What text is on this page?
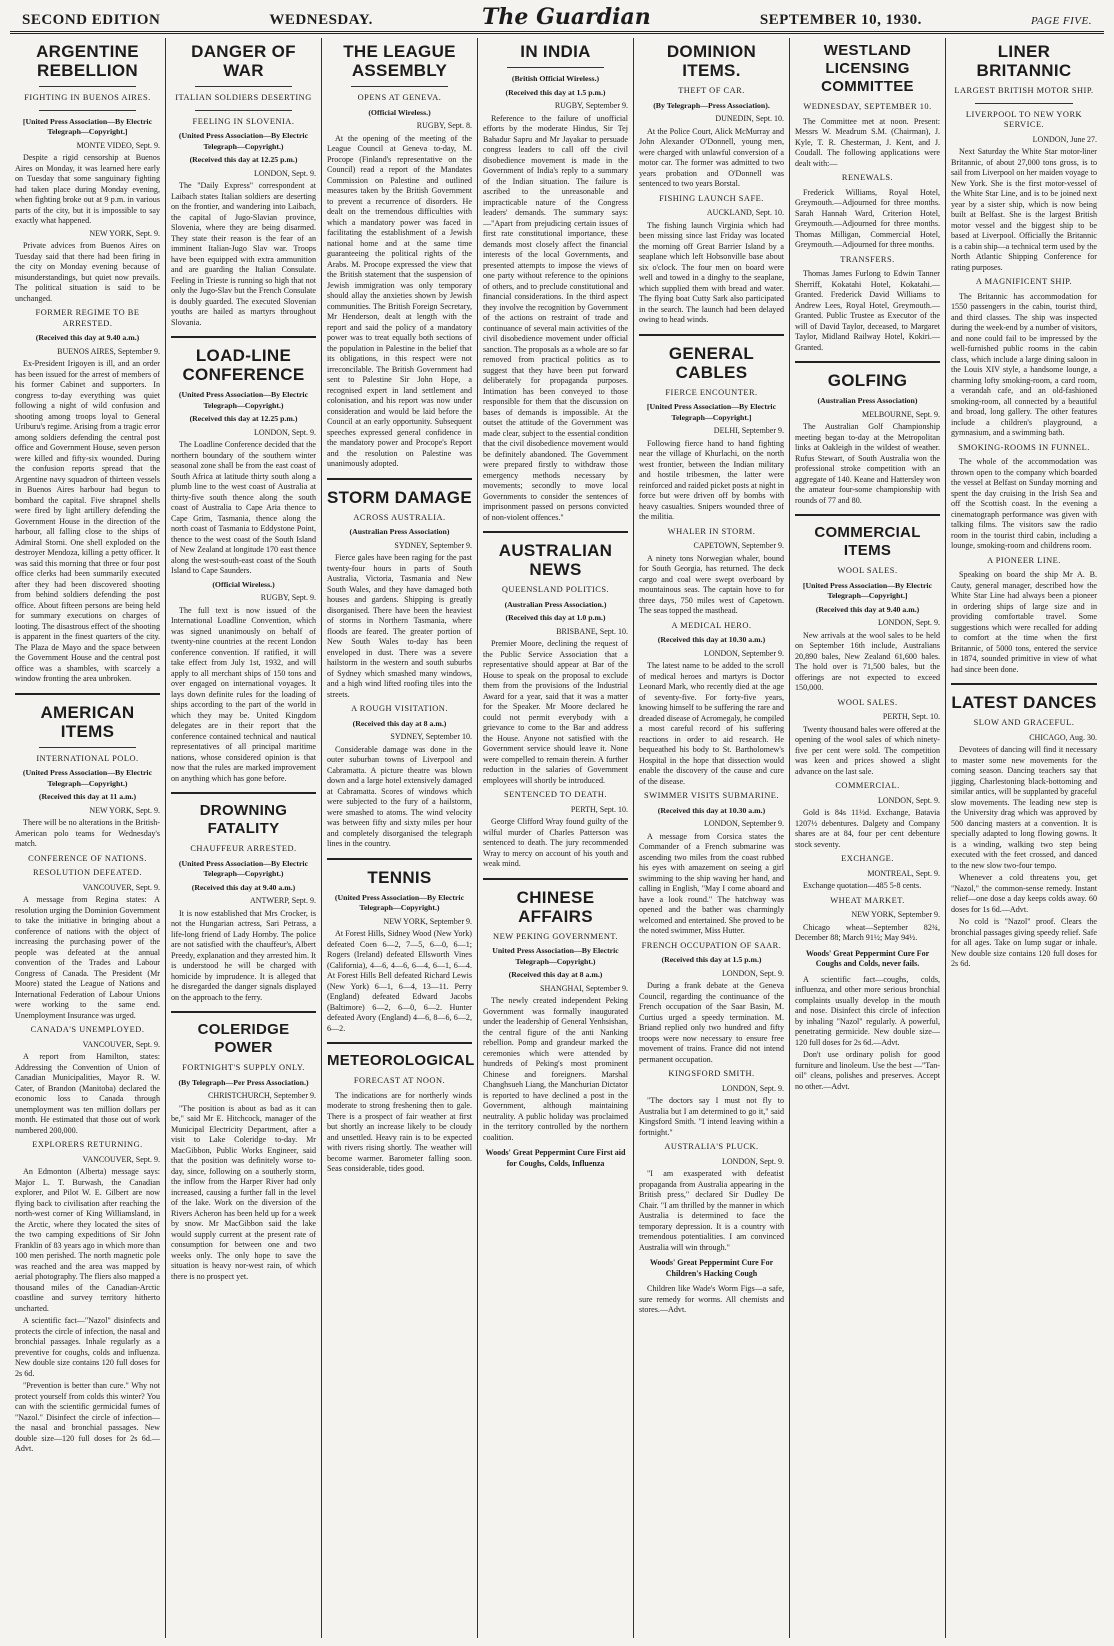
SECOND EDITION	WEDNESDAY.	The Guardian	SEPTEMBER 10, 1930.	PAGE FIVE.
ARGENTINE REBELLION
FIGHTING IN BUENOS AIRES.
[United Press Association—By Electric Telegraph—Copyright.]
MONTE VIDEO, Sept. 9.

Despite a rigid censorship at Buenos Aires on Monday, it was learned here early on Tuesday that some sanguinary fighting had taken place during Monday evening, when fighting broke out at 9 p.m. in various parts of the city, but it is impossible to say exactly what happened.

NEW YORK, Sept. 9.

Private advices from Buenos Aires on Tuesday said that there had been firing in the city on Monday evening because of misunderstandings, but quiet now prevails. The political situation is said to be unchanged.

FORMER REGIME TO BE ARRESTED.
(Received this day at 9.40 a.m.)
BUENOS AIRES, September 9.

Ex-President Irigoyen is ill, and an order has been issued for the arrest of members of his former Cabinet and supporters. In congress to-day everything was quiet following a night of wild confusion and shooting among troops loyal to General Uriburu's regime. Arising from a tragic error among soldiers defending the central post office and Government House, seven person were killed and fifty-six wounded. During the confusion reports spread that the Argentine navy squadron of thirteen vessels in Buenos Aires harbour had begun to bombard the capital. Five shrapnel shells were fired by light artillery defending the Government House in the direction of the harbour, all falling close to the ships of Admiral Storni. One shell exploded on the destroyer Mendoza, killing a petty officer. It was said this morning that three or four post office clerks had been summarily executed after they had been discovered shooting from behind soldiers defending the post office. About fifteen persons are being held for summary executions on charges of looting. The disastrous effect of the shooting is apparent in the finest quarters of the city. The Plaza de Mayo and the space between the Government House and the central post office was a shambles, with scarcely a window fronting the area unbroken.

AMERICAN ITEMS
INTERNATIONAL POLO.
(United Press Association—By Electric Telegraph—Copyright.)
(Received this day at 11 a.m.)
NEW YORK, Sept. 9.

There will be no alterations in the British-American polo teams for Wednesday's match.

CONFERENCE OF NATIONS.
RESOLUTION DEFEATED.
VANCOUVER, Sept. 9.

A message from Regina states: A resolution urging the Dominion Government to take the initiative in bringing about a conference of nations with the object of increasing the purchasing power of the people was defeated at the annual convention of the Trades and Labour Congress of Canada. The President (Mr Moore) stated the League of Nations and International Federation of Labour Unions were working to the same end. Unemployment Insurance was urged.

CANADA'S UNEMPLOYED.
VANCOUVER, Sept. 9.

A report from Hamilton, states: Addressing the Convention of Union of Canadian Municipalities, Mayor R. W. Cater, of Brandon (Manitoba) declared the economic loss to Canada through unemployment was ten million dollars per month. He estimated that those out of work numbered 200,000.

EXPLORERS RETURNING.
VANCOUVER, Sept. 9.

An Edmonton (Alberta) message says: Major L. T. Burwash, the Canadian explorer, and Pilot W. E. Gilbert are now flying back to civilisation after reaching the north-west corner of King Williamsland, in the Arctic, where they located the sites of the two camping expeditions of Sir John Franklin of 83 years ago in which more than 100 men perished. The north magnetic pole was reached and the area was mapped by aerial photography. The fliers also mapped a thousand miles of the Canadian-Arctic coastline and survey territory hitherto uncharted.

A scientific fact—"Nazol" disinfects and protects the circle of infection, the nasal and bronchial passages. Inhale regularly as a preventive for coughs, colds and influenza. New double size contains 120 full doses for 2s 6d.

"Prevention is better than cure." Why not protect yourself from colds this winter? You can with the scientific germicidal fumes of "Nazol." Disinfect the circle of infection—the nasal and bronchial passages. New double size—120 full doses for 2s 6d.—Advt.

DANGER OF WAR
ITALIAN SOLDIERS DESERTING
FEELING IN SLOVENIA.
(United Press Association—By Electric Telegraph—Copyright.)
(Received this day at 12.25 p.m.)
LONDON, Sept. 9.

The "Daily Express" correspondent at Laibach states Italian soldiers are deserting on the frontier, and wandering into Laibach, the capital of Jugo-Slavian province, Slovenia, where they are being disarmed. They state their reason is the fear of an imminent Italian-Jugo Slav war. Troops have been equipped with extra ammunition and are guarding the Italian Consulate. Feeling in Trieste is running so high that not only the Jugo-Slav but the French Consulate is doubly guarded. The executed Slovenian youths are hailed as martyrs throughout Slovania.

LOAD-LINE CONFERENCE
(United Press Association—By Electric Telegraph—Copyright.)
(Received this day at 12.25 p.m.)
LONDON, Sept. 9.

The Loadline Conference decided that the northern boundary of the southern winter seasonal zone shall be from the east coast of South Africa at latitude thirty south along a plumb line to the west coast of Australia at thirty-five south thence along the south coast of Australia to Cape Aria thence to Cape Grim, Tasmania, thence along the north coast of Tasmania to Eddystone Point, thence to the west coast of the South Island of New Zealand at longitude 170 east thence along the west-south-east coast of the South Island to Cape Saunders.

(Official Wireless.)
RUGBY, Sept. 9.

The full text is now issued of the International Loadline Convention, which was signed unanimously on behalf of twenty-nine countries at the recent London conference convention. If ratified, it will take effect from July 1st, 1932, and will apply to all merchant ships of 150 tons and over engaged on international voyages. It lays down definite rules for the loading of ships according to the part of the world in which they may be. United Kingdom delegates are in their report that the conference contained technical and nautical representatives of all principal maritime nations, whose considered opinion is that now that the rules are marked improvement on anything which has gone before.

DROWNING FATALITY
CHAUFFEUR ARRESTED.
(United Press Association—By Electric Telegraph—Copyright.)
(Received this day at 9.40 a.m.)
ANTWERP, Sept. 9.

It is now established that Mrs Crocker, is not the Hungarian actress, Sari Petrass, a life-long friend of Lady Hornby. The police are not satisfied with the chauffeur's, Albert Preedy, explanation and they arrested him. It is understood he will be charged with homicide by imprudence. It is alleged that he disregarded the danger signals displayed on the approach to the ferry.

COLERIDGE POWER
FORTNIGHT'S SUPPLY ONLY.
(By Telegraph—Per Press Association.)
CHRISTCHURCH, September 9.

"The position is about as bad as it can be," said Mr E. Hitchcock, manager of the Municipal Electricity Department, after a visit to Lake Coleridge to-day. Mr MacGibbon, Public Works Engineer, said that the position was definitely worse to-day, since, following on a southerly storm, the inflow from the Harper River had only increased, causing a further fall in the level of the lake. Work on the diversion of the Rivers Acheron has been held up for a week by snow. Mr MacGibbon said the lake would supply current at the present rate of consumption for between one and two weeks only. The only hope to save the situation is heavy nor-west rain, of which there is no prospect yet.

THE LEAGUE ASSEMBLY
OPENS AT GENEVA.
(Official Wireless.)
RUGBY, Sept. 8.

At the opening of the meeting of the League Council at Geneva to-day, M. Procope (Finland's representative on the Council) read a report of the Mandates Commission on Palestine and outlined measures taken by the British Government to prevent a recurrence of disorders. He dealt on the tremendous difficulties with which a mandatory power was faced in facilitating the establishment of a Jewish national home and at the same time guaranteeing the political rights of the Arabs. M. Procope expressed the view that the British statement that the suspension of Jewish immigration was only temporary should allay the anxieties shown by Jewish communities. The British Foreign Secretary, Mr Henderson, dealt at length with the report and said the policy of a mandatory power was to treat equally both sections of the population in Palestine in the belief that its obligations, in this respect were not irreconcilable. The British Government had sent to Palestine Sir John Hope, a recognised expert in land settlement and colonisation, and his report was now under consideration and would be laid before the Council at an early opportunity. Subsequent speeches expressed general confidence in the mandatory power and Procope's Report and the resolution on Palestine was unanimously adopted.

STORM DAMAGE
ACROSS AUSTRALIA.
(Australian Press Association)
SYDNEY, September 9.

Fierce gales have been raging for the past twenty-four hours in parts of South Australia, Victoria, Tasmania and New South Wales, and they have damaged both houses and gardens. Shipping is greatly disorganised. There have been the heaviest of storms in Northern Tasmania, where floods are feared. The greater portion of New South Wales to-day has been enveloped in dust. There was a severe hailstorm in the western and south suburbs of Sydney which smashed many windows, and a high wind lifted roofing tiles into the streets.

A ROUGH VISITATION.
(Received this day at 8 a.m.)
SYDNEY, September 10.

Considerable damage was done in the outer suburban towns of Liverpool and Cabramatta. A picture theatre was blown down and a large hotel extensively damaged at Cabramatta. Scores of windows which were subjected to the fury of a hailstorm, were smashed to atoms. The wind velocity was between fifty and sixty miles per hour and completely disorganised the telegraph lines in the country.

TENNIS
(United Press Association—By Electric Telegraph—Copyright.)
NEW YORK, September 9.

At Forest Hills, Sidney Wood (New York) defeated Coen 6—2, 7—5, 6—0, 6—1; Rogers (Ireland) defeated Ellsworth Vines (California), 4—6, 4—6, 6—4, 6—1, 6—4. At Forest Hills Bell defeated Richard Lewis (New York) 6—1, 6—4, 13—11. Perry (England) defeated Edward Jacobs (Baltimore) 6—2, 6—0, 6—2. Hunter defeated Avory (England) 4—6, 8—6, 6—2, 6—2.

METEOROLOGICAL
FORECAST AT NOON.

The indications are for northerly winds moderate to strong freshening then to gale. There is a prospect of fair weather at first but shortly an increase likely to be cloudy and unsettled. Heavy rain is to be expected with rivers rising shortly. The weather will become warmer. Barometer falling soon. Seas considerable, tides good.

IN INDIA
(British Official Wireless.)
(Received this day at 1.5 p.m.)
RUGBY, September 9.

Reference to the failure of unofficial efforts by the moderate Hindus, Sir Tej Bahadur Sapru and Mr Jayakar to persuade congress leaders to call off the civil disobedience movement is made in the Government of India's reply to a summary of the Indian situation. The failure is ascribed to the unreasonable and impracticable nature of the Congress leaders' demands. The summary says:—"Apart from prejudicing certain issues of first rate constitutional importance, these demands most closely affect the financial interests of the local Governments, and presented attempts to impose the views of one party without reference to the opinions of others, and to preclude constitutional and financial considerations. In the third aspect they involve the recognition by Government of the actions on restraint of trade and continuance of several main activities of the civil disobedience movement under official sanction. The proposals as a whole are so far removed from practical politics as to suggest that they have been put forward deliberately for propaganda purposes. Intimation has been conveyed to those responsible for them that the discussion on bases of demands is impossible. At the outset the attitude of the Government was made clear, subject to the essential condition that the civil disobedience movement would be definitely abandoned. The Government were prepared firstly to withdraw those emergency methods necessary by movements; secondly to move local Governments to consider the sentences of imprisonment passed on persons convicted of non-violent offences."

AUSTRALIAN NEWS
QUEENSLAND POLITICS.
(Australian Press Association.)
(Received this day at 1.0 p.m.)
BRISBANE, Sept. 10.

Premier Moore, declining the request of the Public Service Association that a representative should appear at Bar of the House to speak on the proposal to exclude them from the provisions of the Industrial Award for a year, said that it was a matter for the Speaker. Mr Moore declared he could not permit everybody with a grievance to come to the Bar and address the House. Anyone not satisfied with the Government service should leave it. None were compelled to remain therein. A further reduction in the salaries of Government employees will shortly be introduced.

SENTENCED TO DEATH.
PERTH, Sept. 10.

George Clifford Wray found guilty of the wilful murder of Charles Patterson was sentenced to death. The jury recommended Wray to mercy on account of his youth and weak mind.

CHINESE AFFAIRS
NEW PEKING GOVERNMENT.
United Press Association—By Electric Telegraph—Copyright.)
(Received this day at 8 a.m.)
SHANGHAI, September 9.

The newly created independent Peking Government was formally inaugurated under the leadership of General Yenhsishan, the central figure of the anti Nanking rebellion. Pomp and grandeur marked the ceremonies which were attended by hundreds of Peking's most prominent Chinese and foreigners. Marshal Changhsueh Liang, the Manchurian Dictator is reported to have declined a post in the Government, although maintaining neutrality. A public holiday was proclaimed in the territory controlled by the northern coalition.

Woods' Great Peppermint Cure First aid for Coughs, Colds, Influenza
DOMINION ITEMS.
THEFT OF CAR.
(By Telegraph—Press Association).
DUNEDIN, Sept. 10.

At the Police Court, Alick McMurray and John Alexander O'Donnell, young men, were charged with unlawful conversion of a motor car. The former was admitted to two years probation and O'Donnell was sentenced to two years Borstal.

FISHING LAUNCH SAFE.
AUCKLAND, Sept. 10.

The fishing launch Virginia which had been missing since last Friday was located the morning off Great Barrier Island by a seaplane which left Hobsonville base about six o'clock. The four men on board were well and towed in a dinghy to the seaplane, which supplied them with bread and water. The flying boat Cutty Sark also participated in the search. The launch had been delayed owing to head winds.

GENERAL CABLES
FIERCE ENCOUNTER.
[United Press Association—By Electric Telegraph—Copyright.]
DELHI, September 9.

Following fierce hand to hand fighting near the village of Khurlachi, on the north west frontier, between the Indian military and hostile tribesmen, the latter were reinforced and raided picket posts at night in force but were driven off by bombs with heavy casualties. Snipers wounded three of the militia.

WHALER IN STORM.
CAPETOWN, September 9.

A ninety tons Norwegian whaler, bound for South Georgia, has returned. The deck cargo and coal were swept overboard by mountainous seas. The captain hove to for three days, 750 miles west of Capetown. The seas topped the masthead.

A MEDICAL HERO.
(Received this day at 10.30 a.m.)
LONDON, September 9.

The latest name to be added to the scroll of medical heroes and martyrs is Doctor Leonard Mark, who recently died at the age of seventy-five. For forty-five years, knowing himself to be suffering the rare and dreaded disease of Acromegaly, he compiled a most careful record of his suffering reactions in order to aid research. He bequeathed his body to St. Bartholomew's Hospital in the hope that dissection would enable the discovery of the cause and cure of the disease.

SWIMMER VISITS SUBMARINE.
(Received this day at 10.30 a.m.)
LONDON, September 9.

A message from Corsica states the Commander of a French submarine was ascending two miles from the coast rubbed his eyes with amazement on seeing a girl swimming to the ship waving her hand, and calling in English, "May I come aboard and have a look round." The hatchway was opened and the bather was charmingly welcomed and entertained. She proved to be the noted swimmer, Miss Hutter.

FRENCH OCCUPATION OF SAAR.
(Received this day at 1.5 p.m.)
LONDON, Sept. 9.

During a frank debate at the Geneva Council, regarding the continuance of the French occupation of the Saar Basin, M. Curtius urged a speedy termination. M. Briand replied only two hundred and fifty troops were now necessary to ensure free movement of trains. France did not intend permanent occupation.

KINGSFORD SMITH.
LONDON, Sept. 9.

"The doctors say I must not fly to Australia but I am determined to go it," said Kingsford Smith. "I intend leaving within a fortnight."

AUSTRALIA'S PLUCK.
LONDON, Sept. 9.

"I am exasperated with defeatist propaganda from Australia appearing in the British press," declared Sir Dudley De Chair. "I am thrilled by the manner in which Australia is determined to face the temporary depression. It is a country with tremendous potentialities. I am convinced Australia will win through."

Woods' Great Peppermint Cure For Children's Hacking Cough

Children like Wade's Worm Figs—a safe, sure remedy for worms. All chemists and stores.—Advt.

WESTLAND LICENSING COMMITTEE
WEDNESDAY, SEPTEMBER 10.

The Committee met at noon. Present: Messrs W. Meadrum S.M. (Chairman), J. Kyle, T. R. Chesterman, J. Kent, and J. Coudall. The following applications were dealt with:—

RENEWALS.

Frederick Williams, Royal Hotel, Greymouth.—Adjourned for three months. Sarah Hannah Ward, Criterion Hotel, Greymouth.—Adjourned for three months. Thomas Milligan, Commercial Hotel, Greymouth.—Adjourned for three months.

TRANSFERS.

Thomas James Furlong to Edwin Tanner Sherriff, Kokatahi Hotel, Kokatahi.—Granted. Frederick David Williams to Andrew Lees, Royal Hotel, Greymouth.—Granted. Public Trustee as Executor of the will of David Taylor, deceased, to Margaret Taylor, Midland Railway Hotel, Kokiri.—Granted.

GOLFING
(Australian Press Association)
MELBOURNE, Sept. 9.

The Australian Golf Championship meeting began to-day at the Metropolitan links at Oakleigh in the wildest of weather. Rufus Stewart, of South Australia won the professional stroke competition with an aggregate of 140. Keane and Hattersley won the amateur four-some championship with rounds of 77 and 80.

COMMERCIAL ITEMS
WOOL SALES.
[United Press Association—By Electric Telegraph—Copyright.]
(Received this day at 9.40 a.m.)
LONDON, Sept. 9.

New arrivals at the wool sales to be held on September 16th include, Australians 20,890 bales, New Zealand 61,600 bales. The hold over is 71,500 bales, but the offerings are not expected to exceed 150,000.

WOOL SALES.
PERTH, Sept. 10.

Twenty thousand bales were offered at the opening of the wool sales of which ninety-five per cent were sold. The competition was keen and prices showed a slight advance on the last sale.

COMMERCIAL.
LONDON, Sept. 9.

Gold is 84s 11½d. Exchange, Batavia 1207½ debentures. Dalgety and Company shares are at 84, four per cent debenture stock seventy.

EXCHANGE.
MONTREAL, Sept. 9.

Exchange quotation—485 5-8 cents.

WHEAT MARKET.
NEW YORK, September 9.

Chicago wheat—September 82¾, December 88; March 91½; May 94½.

Woods' Great Peppermint Cure For Coughs and Colds, never fails.

A scientific fact—coughs, colds, influenza, and other more serious bronchial complaints usually develop in the mouth and nose. Disinfect this circle of infection by inhaling "Nazol" regularly. A powerful, penetrating germicide. New double size—120 full doses for 2s 6d.—Advt.

Don't use ordinary polish for good furniture and linoleum. Use the best —"Tan-oil" cleans, polishes and preserves. Accept no other.—Advt.

LINER BRITANNIC
LARGEST BRITISH MOTOR SHIP.
LIVERPOOL TO NEW YORK SERVICE.
LONDON, June 27.

Next Saturday the White Star motor-liner Britannic, of about 27,000 tons gross, is to sail from Liverpool on her maiden voyage to New York. She is the first motor-vessel of the White Star Line, and is to be joined next year by a sister ship, which is now being built at Belfast. She is the largest British motor vessel and the biggest ship to be based at Liverpool. Officially the Britannic is a cabin ship—a technical term used by the North Atlantic Shipping Conference for rating purposes.

A MAGNIFICENT SHIP.

The Britannic has accommodation for 1550 passengers in the cabin, tourist third, and third classes. The ship was inspected during the week-end by a number of visitors, and none could fail to be impressed by the well-furnished public rooms in the cabin class, which include a large dining saloon in the Louis XIV style, a handsome lounge, a charming lofty smoking-room, a card room, a verandah cafe, and an old-fashioned smoking-room, all connected by a beautiful and broad, long gallery. The other features include a children's playground, a gymnasium, and a swimming bath.

SMOKING-ROOMS IN FUNNEL.

The whole of the accommodation was thrown open to the company which boarded the vessel at Belfast on Sunday morning and spent the day cruising in the Irish Sea and off the Scottish coast. In the evening a cinematograph performance was given with talking films. The visitors saw the radio room in the tourist third cabin, including a lounge, smoking-room and childrens room.

A PIONEER LINE.

Speaking on board the ship Mr A. B. Cauty, general manager, described how the White Star Line had always been a pioneer in ordering ships of large size and in providing comfortable travel. Some suggestions which were recalled for adding to comfort at the time when the first Britannic, of 5000 tons, entered the service in 1874, sounded primitive in view of what had since been done.

LATEST DANCES
SLOW AND GRACEFUL.
CHICAGO, Aug. 30.

Devotees of dancing will find it necessary to master some new movements for the coming season. Dancing teachers say that jigging, Charlestoning black-bottoming and similar antics, will be supplanted by graceful slow movements. The leading new step is the University drag which was approved by 500 dancing masters at a convention. It is specially adapted to long flowing gowns. It is a winding, walking two step being executed with the feet crossed, and danced to the new slow two-four tempo.

Whenever a cold threatens you, get "Nazol," the common-sense remedy. Instant relief—one dose a day keeps colds away. 60 doses for 1s 6d.—Advt.

No cold is "Nazol" proof. Clears the bronchial passages giving speedy relief. Safe for all ages. Take on lump sugar or inhale. New double size contains 120 full doses for 2s 6d.
